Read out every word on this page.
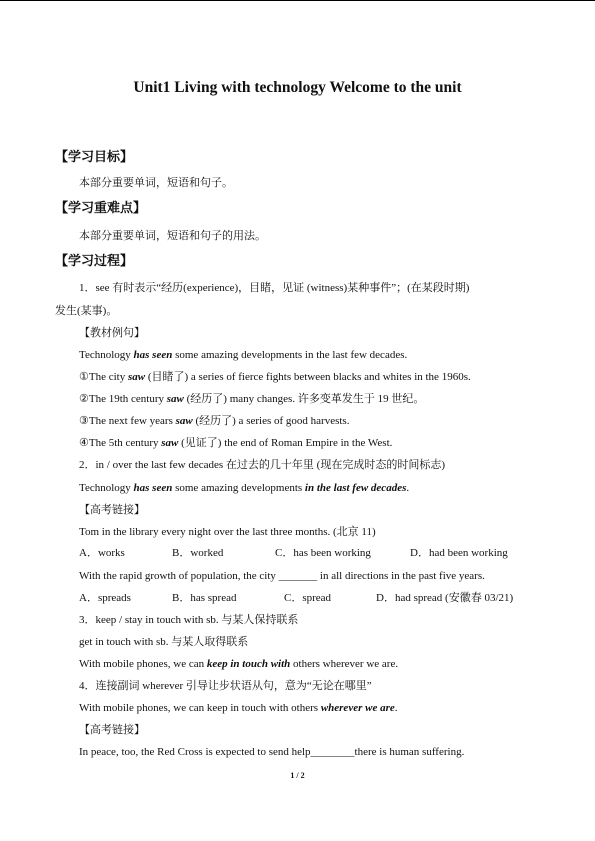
Unit1 Living with technology Welcome to the unit
【学习目标】
本部分重要单词，短语和句子。
【学习重难点】
本部分重要单词，短语和句子的用法。
【学习过程】
1．see 有时表示“经历(experience)，目睹，见证 (witness)某种事件”；(在某段时期)
发生(某事)。
【教材例句】
Technology has seen some amazing developments in the last few decades.
①The city saw (目睹了) a series of fierce fights between blacks and whites in the 1960s.
②The 19th century saw (经历了) many changes. 许多变革发生于 19 世纪。
③The next few years saw (经历了) a series of good harvests.
④The 5th century saw (见证了) the end of Roman Empire in the West.
2．in / over the last few decades 在过去的几十年里 (现在完成时态的时间标志)
Technology has seen some amazing developments in the last few decades.
【高考链接】
Tom in the library every night over the last three months. (北京 11)
A．works	B．worked	C．has been working	D．had been working
With the rapid growth of population, the city _______ in all directions in the past five years.
A．spreads	B．has spread	C．spread	D．had spread (安徽春 03/21)
3．keep / stay in touch with sb. 与某人保持联系
get in touch with sb. 与某人取得联系
With mobile phones, we can keep in touch with others wherever we are.
4．连接副词 wherever 引导让步状语从句，意为“无论在哪里”
With mobile phones, we can keep in touch with others wherever we are.
【高考链接】
In peace, too, the Red Cross is expected to send help________there is human suffering.
1 / 2
